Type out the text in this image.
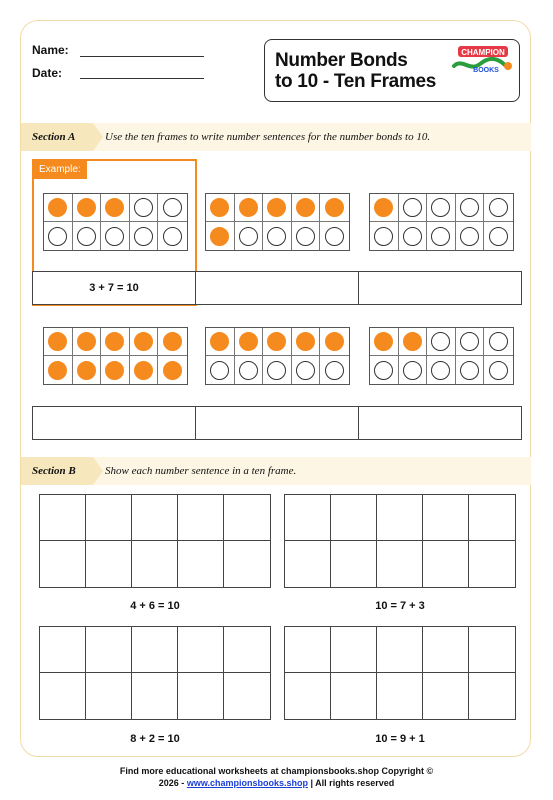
Name:
Date:
Number Bonds
to 10 - Ten Frames
CHAMPION
BOOKS
Section A	Use the ten frames to write number sentences for the number bonds to 10.
Example:
3 + 7 = 10
Section B	Show each number sentence in a ten frame.
4 + 6 = 10	10 = 7 + 3
8 + 2 = 10	10 = 9 + 1
Find more educational worksheets at championsbooks.shop Copyright ©
2026 - www.championsbooks.shop | All rights reserved
